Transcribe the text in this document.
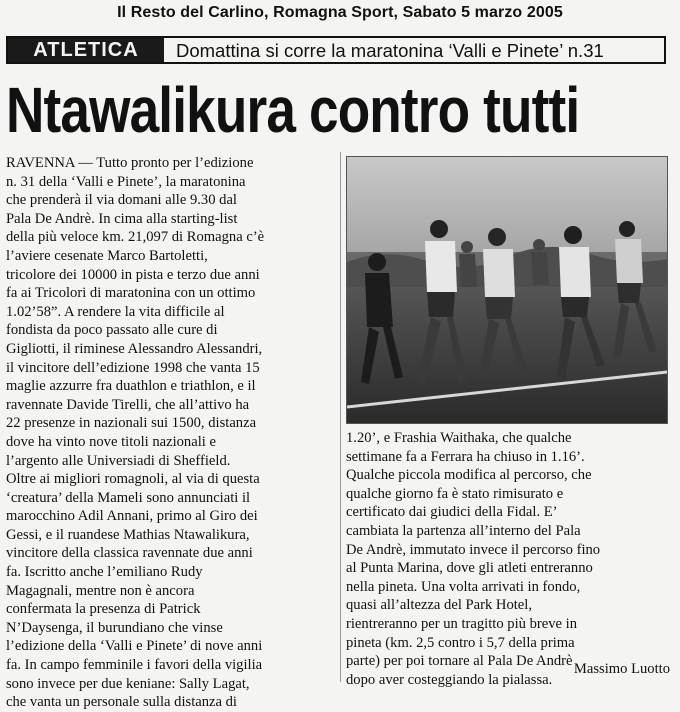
Il Resto del Carlino, Romagna Sport, Sabato 5 marzo 2005
ATLETICA	Domattina si corre la maratonina ‘Valli e Pinete’ n.31
Ntawalikura contro tutti
RAVENNA — Tutto pronto per l’edizione
n. 31 della ‘Valli e Pinete’, la maratonina
che prenderà il via domani alle 9.30 dal
Pala De Andrè. In cima alla starting-list
della più veloce km. 21,097 di Romagna c’è
l’aviere cesenate Marco Bartoletti,
tricolore dei 10000 in pista e terzo due anni
fa ai Tricolori di maratonina con un ottimo
1.02’58”. A rendere la vita difficile al
fondista da poco passato alle cure di
Gigliotti, il riminese Alessandro Alessandri,
il vincitore dell’edizione 1998 che vanta 15
maglie azzurre fra duathlon e triathlon, e il
ravennate Davide Tirelli, che all’attivo ha
22 presenze in nazionali sui 1500, distanza
dove ha vinto nove titoli nazionali e
l’argento alle Universiadi di Sheffield.
Oltre ai migliori romagnoli, al via di questa
‘creatura’ della Mameli sono annunciati il
marocchino Adil Annani, primo al Giro dei
Gessi, e il ruandese Mathias Ntawalikura,
vincitore della classica ravennate due anni
fa. Iscritto anche l’emiliano Rudy
Magagnali, mentre non è ancora
confermata la presenza di Patrick
N’Daysenga, il burundiano che vinse
l’edizione della ‘Valli e Pinete’ di nove anni
fa. In campo femminile i favori della vigilia
sono invece per due keniane: Sally Lagat,
che vanta un personale sulla distanza di
1.20’, e Frashia Waithaka, che qualche
settimane fa a Ferrara ha chiuso in 1.16’.
Qualche piccola modifica al percorso, che
qualche giorno fa è stato rimisurato e
certificato dai giudici della Fidal. E’
cambiata la partenza all’interno del Pala
De Andrè, immutato invece il percorso fino
al Punta Marina, dove gli atleti entreranno
nella pineta. Una volta arrivati in fondo,
quasi all’altezza del Park Hotel,
rientreranno per un tragitto più breve in
pineta (km. 2,5 contro i 5,7 della prima
parte) per poi tornare al Pala De Andrè
dopo aver costeggiando la pialassa.
Massimo Luotto
